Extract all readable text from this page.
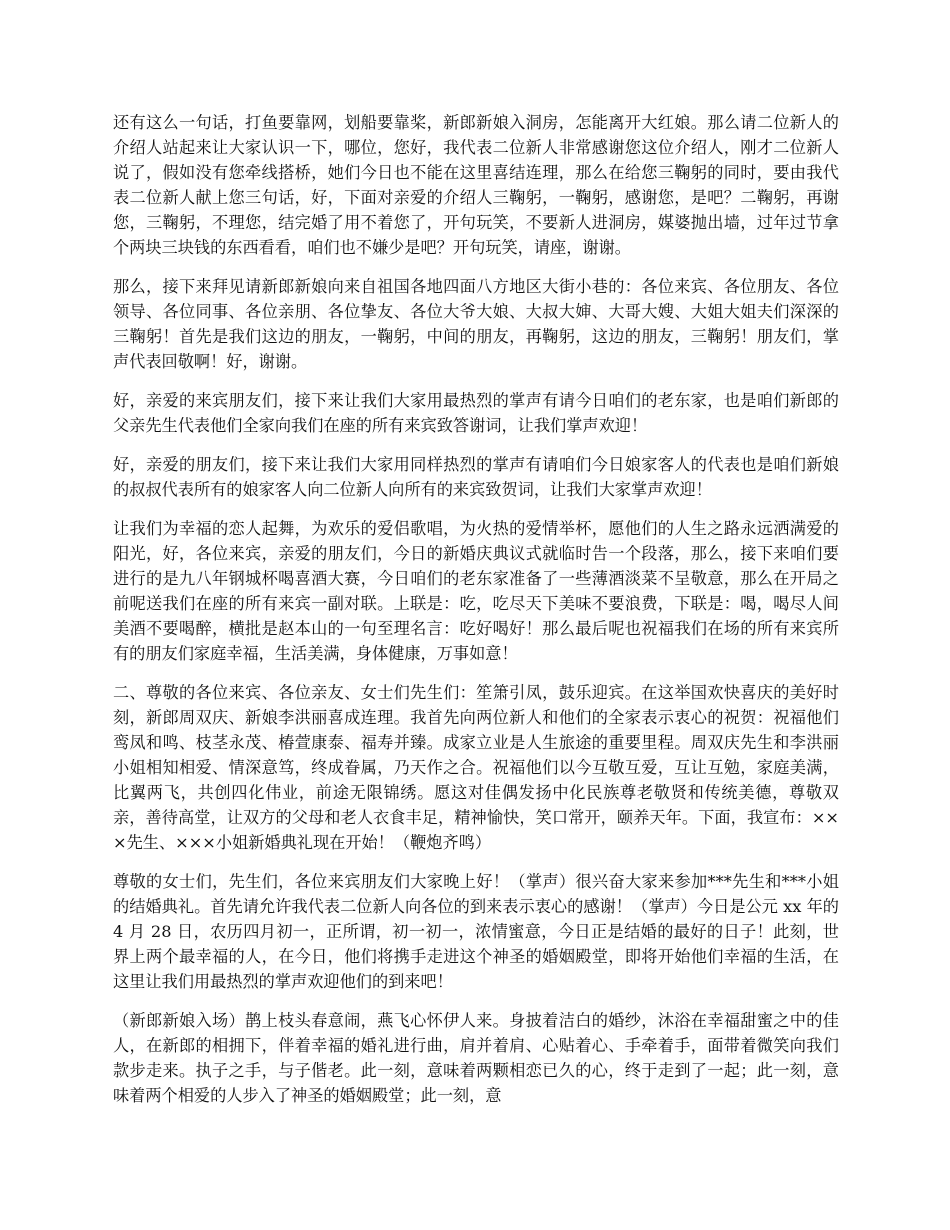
还有这么一句话，打鱼要靠网，划船要靠桨，新郎新娘入洞房，怎能离开大红娘。那么请二位新人的介绍人站起来让大家认识一下，哪位，您好，我代表二位新人非常感谢您这位介绍人，刚才二位新人说了，假如没有您牵线搭桥，她们今日也不能在这里喜结连理，那么在给您三鞠躬的同时，要由我代表二位新人献上您三句话，好，下面对亲爱的介绍人三鞠躬，一鞠躬，感谢您，是吧？二鞠躬，再谢您，三鞠躬，不理您，结完婚了用不着您了，开句玩笑，不要新人进洞房，媒婆抛出墙，过年过节拿个两块三块钱的东西看看，咱们也不嫌少是吧？开句玩笑，请座，谢谢。

那么，接下来拜见请新郎新娘向来自祖国各地四面八方地区大街小巷的：各位来宾、各位朋友、各位领导、各位同事、各位亲朋、各位挚友、各位大爷大娘、大叔大婶、大哥大嫂、大姐大姐夫们深深的三鞠躬！首先是我们这边的朋友，一鞠躬，中间的朋友，再鞠躬，这边的朋友，三鞠躬！朋友们，掌声代表回敬啊！好，谢谢。

好，亲爱的来宾朋友们，接下来让我们大家用最热烈的掌声有请今日咱们的老东家，也是咱们新郎的父亲先生代表他们全家向我们在座的所有来宾致答谢词，让我们掌声欢迎！

好，亲爱的朋友们，接下来让我们大家用同样热烈的掌声有请咱们今日娘家客人的代表也是咱们新娘的叔叔代表所有的娘家客人向二位新人向所有的来宾致贺词，让我们大家掌声欢迎！

让我们为幸福的恋人起舞，为欢乐的爱侣歌唱，为火热的爱情举杯，愿他们的人生之路永远洒满爱的阳光，好，各位来宾，亲爱的朋友们，今日的新婚庆典议式就临时告一个段落，那么，接下来咱们要进行的是九八年钢城杯喝喜酒大赛，今日咱们的老东家准备了一些薄酒淡菜不呈敬意，那么在开局之前呢送我们在座的所有来宾一副对联。上联是：吃，吃尽天下美味不要浪费，下联是：喝，喝尽人间美酒不要喝醉，横批是赵本山的一句至理名言：吃好喝好！那么最后呢也祝福我们在场的所有来宾所有的朋友们家庭幸福，生活美满，身体健康，万事如意！

二、尊敬的各位来宾、各位亲友、女士们先生们：笙箫引凤，鼓乐迎宾。在这举国欢快喜庆的美好时刻，新郎周双庆、新娘李洪丽喜成连理。我首先向两位新人和他们的全家表示衷心的祝贺：祝福他们鸾凤和鸣、枝茎永茂、椿萱康泰、福寿并臻。成家立业是人生旅途的重要里程。周双庆先生和李洪丽小姐相知相爱、情深意笃，终成眷属，乃天作之合。祝福他们以今互敬互爱，互让互勉，家庭美满，比翼两飞，共创四化伟业，前途无限锦绣。愿这对佳偶发扬中化民族尊老敬贤和传统美德，尊敬双亲，善待高堂，让双方的父母和老人衣食丰足，精神愉快，笑口常开，颐养天年。下面，我宣布：×××先生、×××小姐新婚典礼现在开始！（鞭炮齐鸣）

尊敬的女士们，先生们，各位来宾朋友们大家晚上好！（掌声）很兴奋大家来参加***先生和***小姐的结婚典礼。首先请允许我代表二位新人向各位的到来表示衷心的感谢！（掌声）今日是公元 xx 年的 4 月 28 日，农历四月初一，正所谓，初一初一，浓情蜜意，今日正是结婚的最好的日子！此刻，世界上两个最幸福的人，在今日，他们将携手走进这个神圣的婚姻殿堂，即将开始他们幸福的生活，在这里让我们用最热烈的掌声欢迎他们的到来吧！

（新郎新娘入场）鹊上枝头春意闹，燕飞心怀伊人来。身披着洁白的婚纱，沐浴在幸福甜蜜之中的佳人，在新郎的相拥下，伴着幸福的婚礼进行曲，肩并着肩、心贴着心、手牵着手，面带着微笑向我们款步走来。执子之手，与子偕老。此一刻，意味着两颗相恋已久的心，终于走到了一起；此一刻，意味着两个相爱的人步入了神圣的婚姻殿堂；此一刻，意
